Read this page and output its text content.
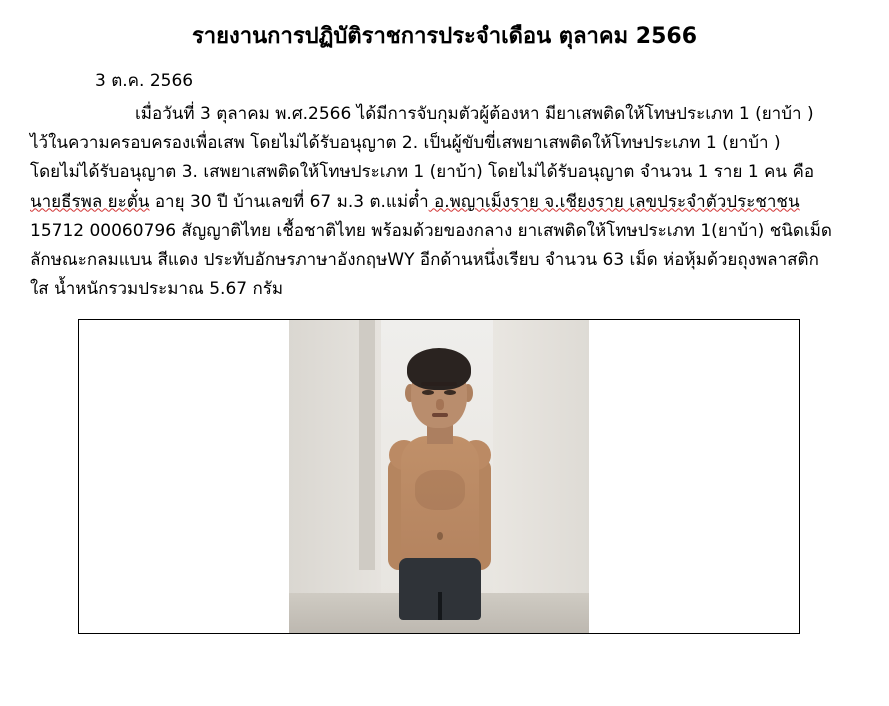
รายงานการปฏิบัติราชการประจำเดือน ตุลาคม 2566
3 ต.ค. 2566
เมื่อวันที่ 3 ตุลาคม พ.ศ.2566 ได้มีการจับกุมตัวผู้ต้องหา มียาเสพติดให้โทษประเภท 1 (ยาบ้า )
ไว้ในความครอบครองเพื่อเสพ โดยไม่ได้รับอนุญาต 2. เป็นผู้ขับขี่เสพยาเสพติดให้โทษประเภท 1 (ยาบ้า )
โดยไม่ได้รับอนุญาต 3. เสพยาเสพติดให้โทษประเภท 1 (ยาบ้า) โดยไม่ได้รับอนุญาต จำนวน 1 ราย 1 คน คือ
นายธีรพล ยะตั๋น อายุ 30 ปี บ้านเลขที่ 67 ม.3 ต.แม่ต๋ำ อ.พญาเม็งราย จ.เชียงราย เลขประจำตัวประชาชน
15712 00060796 สัญญาติไทย เชื้อชาติไทย พร้อมด้วยของกลาง ยาเสพติดให้โทษประเภท 1(ยาบ้า) ชนิดเม็ด
ลักษณะกลมแบน สีแดง ประทับอักษรภาษาอังกฤษWY อีกด้านหนึ่งเรียบ จำนวน 63 เม็ด ห่อหุ้มด้วยถุงพลาสติก
ใส น้ำหนักรวมประมาณ 5.67 กรัม
